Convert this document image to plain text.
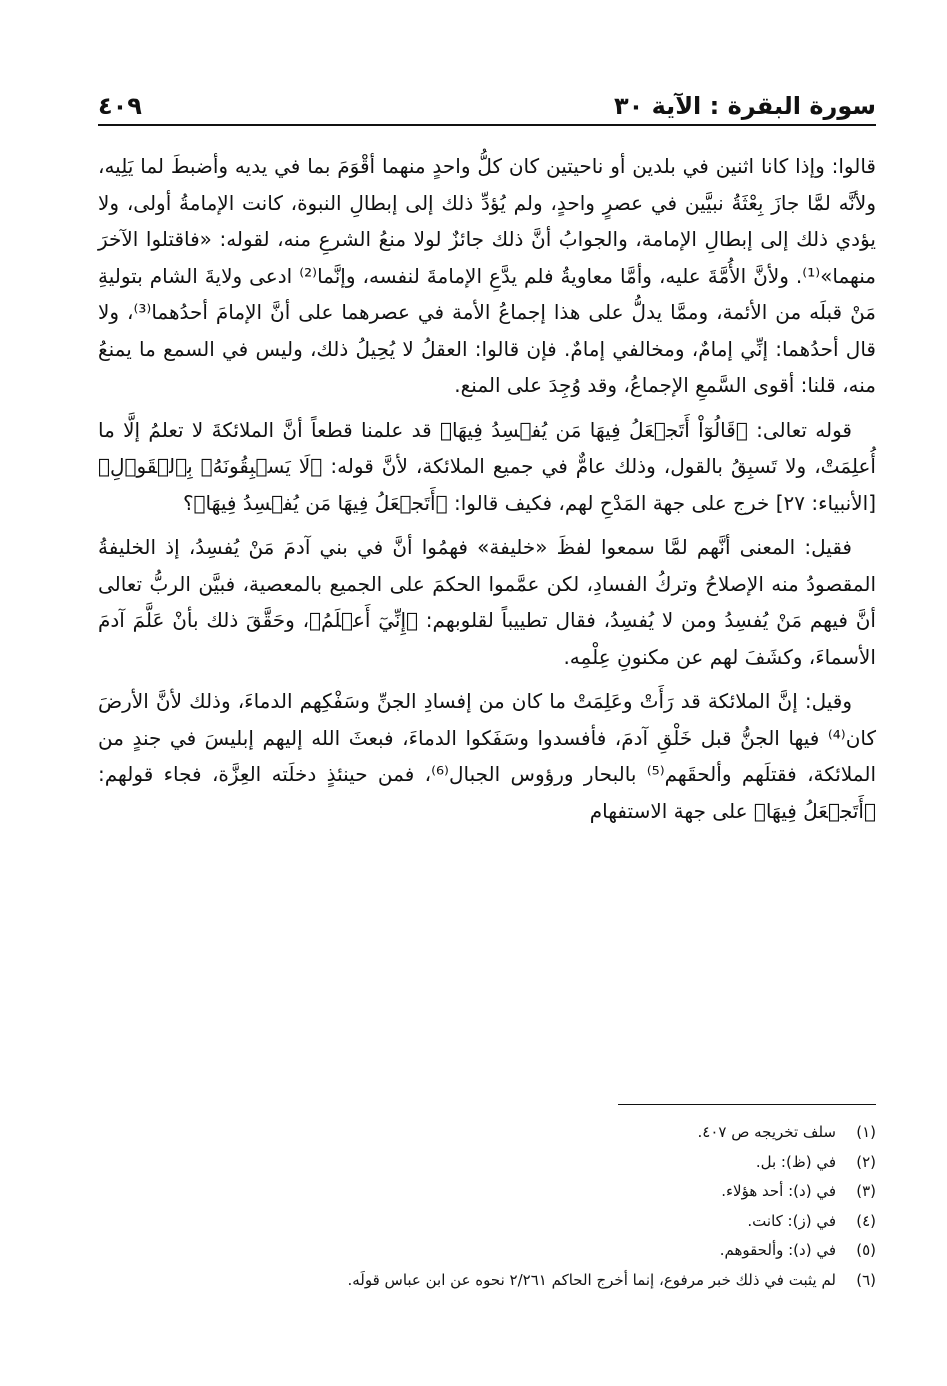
سورة البقرة : الآية ٣٠
٤٠٩

قالوا: وإذا كانا اثنين في بلدين أو ناحيتين كان كلُّ واحدٍ منهما أقْوَمَ بما في يديه وأضبطَ لما يَلِيه، ولأنَّه لمَّا جازَ بِعْثَةُ نبيَّين في عصرٍ واحدٍ، ولم يُؤدِّ ذلك إلى إبطالِ النبوة، كانت الإمامةُ أولى، ولا يؤدي ذلك إلى إبطالِ الإمامة، والجوابُ أنَّ ذلك جائزٌ لولا منعُ الشرعِ منه، لقوله: «فاقتلوا الآخرَ منهما»⁽¹⁾. ولأنَّ الأُمَّةَ عليه، وأمَّا معاويةُ فلم يدَّعِ الإمامةَ لنفسه، وإنَّما⁽²⁾ ادعى ولايةَ الشام بتوليةِ مَنْ قبلَه من الأئمة، وممَّا يدلُّ على هذا إجماعُ الأمة في عصرهما على أنَّ الإمامَ أحدُهما⁽³⁾، ولا قال أحدُهما: إنِّي إمامٌ، ومخالفي إمامٌ. فإن قالوا: العقلُ لا يُحِيلُ ذلك، وليس في السمع ما يمنعُ منه، قلنا: أقوى السَّمعِ الإجماعُ، وقد وُجِدَ على المنع.

قوله تعالى: ﴿قَالُوٓاْ أَتَجۡعَلُ فِيهَا مَن يُفۡسِدُ فِيهَا﴾ قد علمنا قطعاً أنَّ الملائكةَ لا تعلمُ إلَّا ما أُعلِمَتْ، ولا تَسبِقُ بالقول، وذلك عامٌّ في جميع الملائكة، لأنَّ قوله: ﴿لَا يَسۡبِقُونَهُۥ بِٱلۡقَوۡلِ﴾ [الأنبياء: ٢٧] خرج على جهة المَدْحِ لهم، فكيف قالوا: ﴿أَتَجۡعَلُ فِيهَا مَن يُفۡسِدُ فِيهَا﴾؟

فقيل: المعنى أنَّهم لمَّا سمعوا لفظَ «خليفة» فهمُوا أنَّ في بني آدمَ مَنْ يُفسِدُ، إذ الخليفةُ المقصودُ منه الإصلاحُ وتركُ الفسادِ، لكن عمَّموا الحكمَ على الجميع بالمعصية، فبيَّن الربُّ تعالى أنَّ فيهم مَنْ يُفسِدُ ومن لا يُفسِدُ، فقال تطييباً لقلوبهم: ﴿إِنِّيٓ أَعۡلَمُ﴾، وحَقَّقَ ذلك بأنْ عَلَّمَ آدمَ الأسماءَ، وكشَفَ لهم عن مكنونِ عِلْمِه.

وقيل: إنَّ الملائكة قد رَأَتْ وعَلِمَتْ ما كان من إفسادِ الجنِّ وسَفْكِهم الدماءَ، وذلك لأنَّ الأرضَ كان⁽⁴⁾ فيها الجنُّ قبل خَلْقِ آدمَ، فأفسدوا وسَفَكوا الدماءَ، فبعثَ الله إليهم إبليسَ في جندٍ من الملائكة، فقتلَهم وألحقَهم⁽⁵⁾ بالبحار ورؤوس الجبال⁽⁶⁾، فمن حينئذٍ دخلَته العِزَّة، فجاء قولهم: ﴿أَتَجۡعَلُ فِيهَا﴾ على جهة الاستفهام

(١)
سلف تخريجه ص ٤٠٧.
(٢)
في (ظ): بل.
(٣)
في (د): أحد هؤلاء.
(٤)
في (ز): كانت.
(٥)
في (د): وألحقوهم.
(٦)
لم يثبت في ذلك خبر مرفوع، إنما أخرج الحاكم ٢/٢٦١ نحوه عن ابن عباس قولَه.
